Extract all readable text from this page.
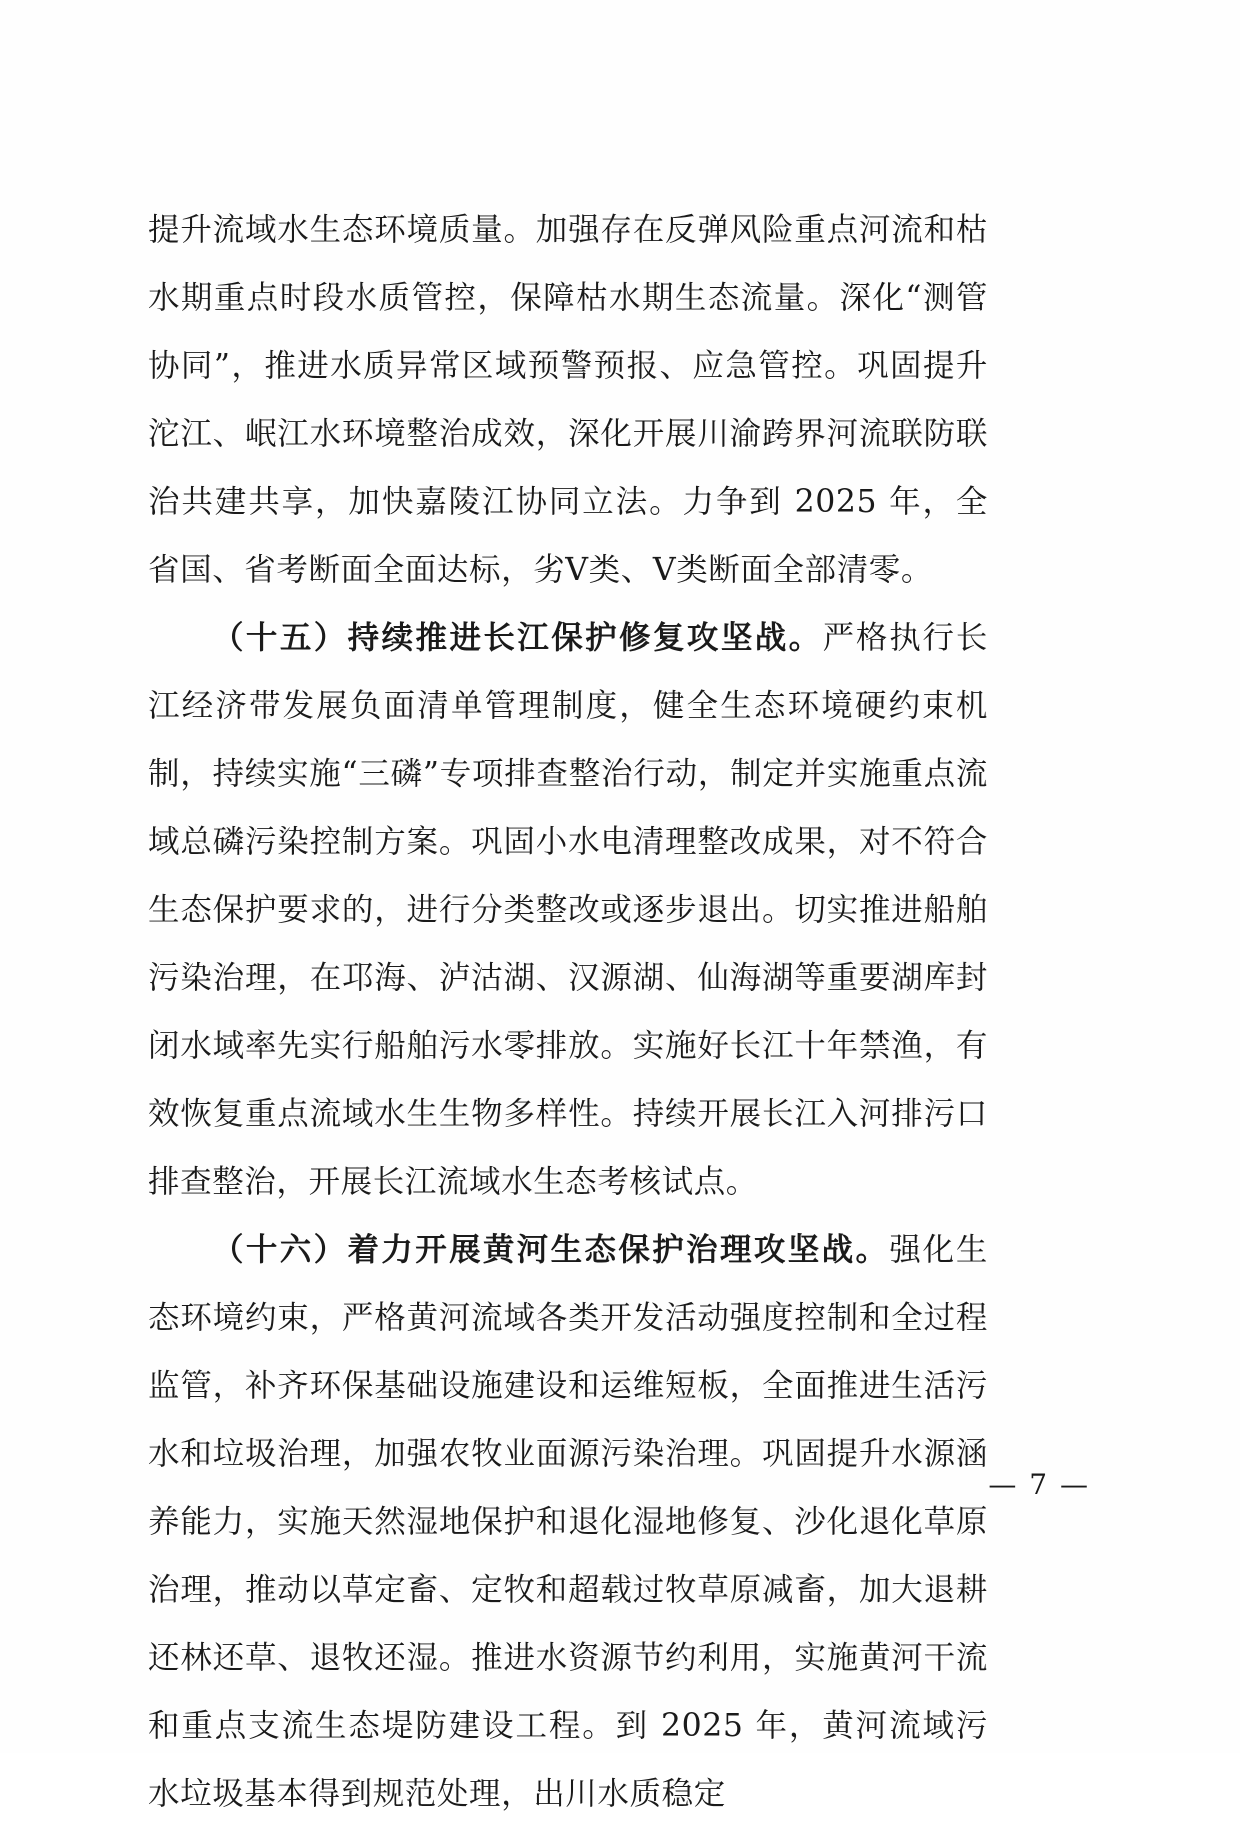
提升流域水生态环境质量。加强存在反弹风险重点河流和枯水期重点时段水质管控，保障枯水期生态流量。深化“测管协同”，推进水质异常区域预警预报、应急管控。巩固提升沱江、岷江水环境整治成效，深化开展川渝跨界河流联防联治共建共享，加快嘉陵江协同立法。力争到 2025 年，全省国、省考断面全面达标，劣Ⅴ类、Ⅴ类断面全部清零。

（十五）持续推进长江保护修复攻坚战。严格执行长江经济带发展负面清单管理制度，健全生态环境硬约束机制，持续实施“三磷”专项排查整治行动，制定并实施重点流域总磷污染控制方案。巩固小水电清理整改成果，对不符合生态保护要求的，进行分类整改或逐步退出。切实推进船舶污染治理，在邛海、泸沽湖、汉源湖、仙海湖等重要湖库封闭水域率先实行船舶污水零排放。实施好长江十年禁渔，有效恢复重点流域水生生物多样性。持续开展长江入河排污口排查整治，开展长江流域水生态考核试点。

（十六）着力开展黄河生态保护治理攻坚战。强化生态环境约束，严格黄河流域各类开发活动强度控制和全过程监管，补齐环保基础设施建设和运维短板，全面推进生活污水和垃圾治理，加强农牧业面源污染治理。巩固提升水源涵养能力，实施天然湿地保护和退化湿地修复、沙化退化草原治理，推动以草定畜、定牧和超载过牧草原减畜，加大退耕还林还草、退牧还湿。推进水资源节约利用，实施黄河干流和重点支流生态堤防建设工程。到 2025 年，黄河流域污水垃圾基本得到规范处理，出川水质稳定

— 7 —
